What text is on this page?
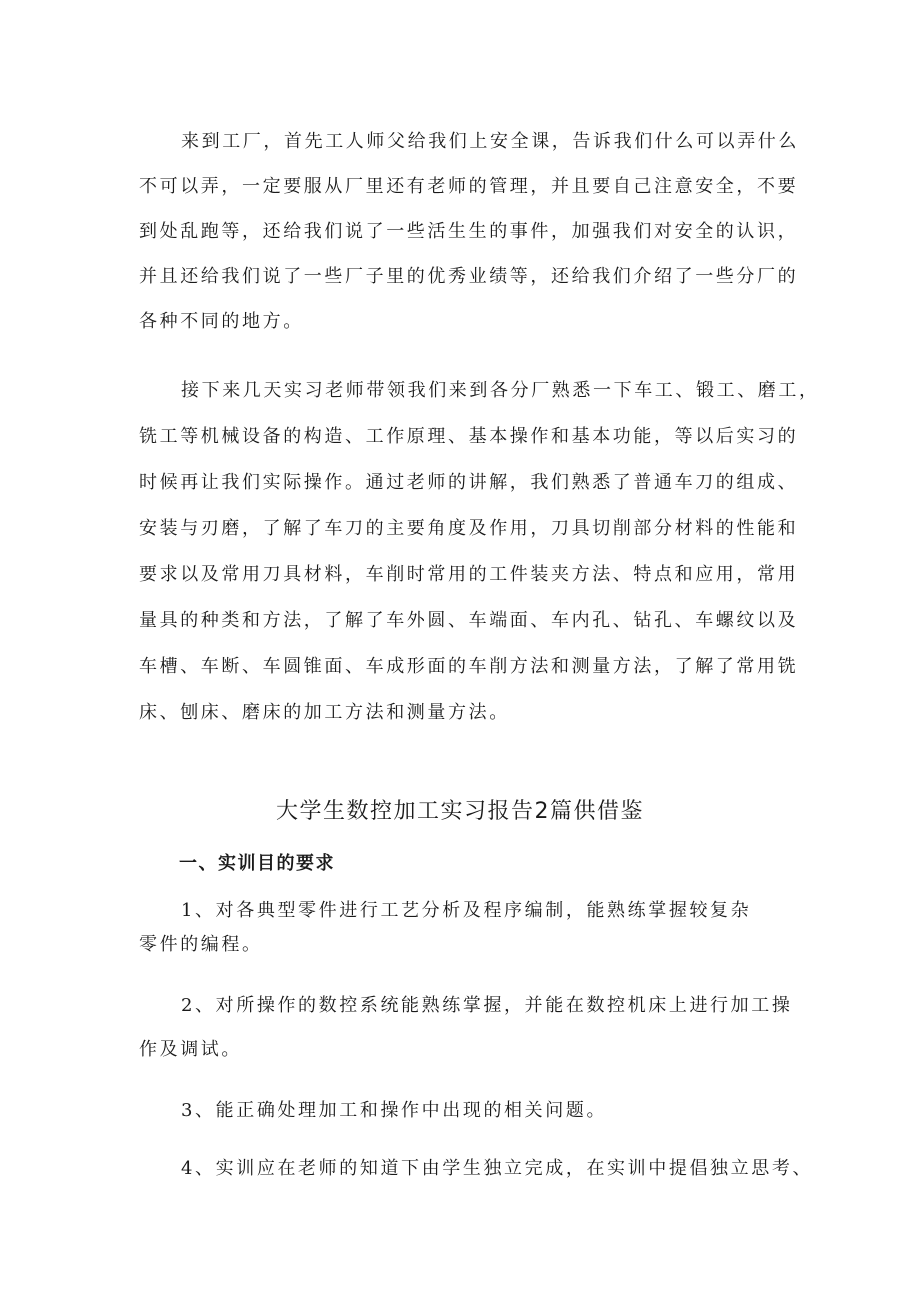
来到工厂，首先工人师父给我们上安全课，告诉我们什么可以弄什么
不可以弄，一定要服从厂里还有老师的管理，并且要自己注意安全，不要
到处乱跑等，还给我们说了一些活生生的事件，加强我们对安全的认识，
并且还给我们说了一些厂子里的优秀业绩等，还给我们介绍了一些分厂的
各种不同的地方。
接下来几天实习老师带领我们来到各分厂熟悉一下车工、锻工、磨工，
铣工等机械设备的构造、工作原理、基本操作和基本功能，等以后实习的
时候再让我们实际操作。通过老师的讲解，我们熟悉了普通车刀的组成、
安装与刃磨，了解了车刀的主要角度及作用，刀具切削部分材料的性能和
要求以及常用刀具材料，车削时常用的工件装夹方法、特点和应用，常用
量具的种类和方法，了解了车外圆、车端面、车内孔、钻孔、车螺纹以及
车槽、车断、车圆锥面、车成形面的车削方法和测量方法，了解了常用铣
床、刨床、磨床的加工方法和测量方法。
大学生数控加工实习报告2篇供借鉴
一、实训目的要求
1、对各典型零件进行工艺分析及程序编制，能熟练掌握较复杂
零件的编程。
2、对所操作的数控系统能熟练掌握，并能在数控机床上进行加工操
作及调试。
3、能正确处理加工和操作中出现的相关问题。
4、实训应在老师的知道下由学生独立完成，在实训中提倡独立思考、
